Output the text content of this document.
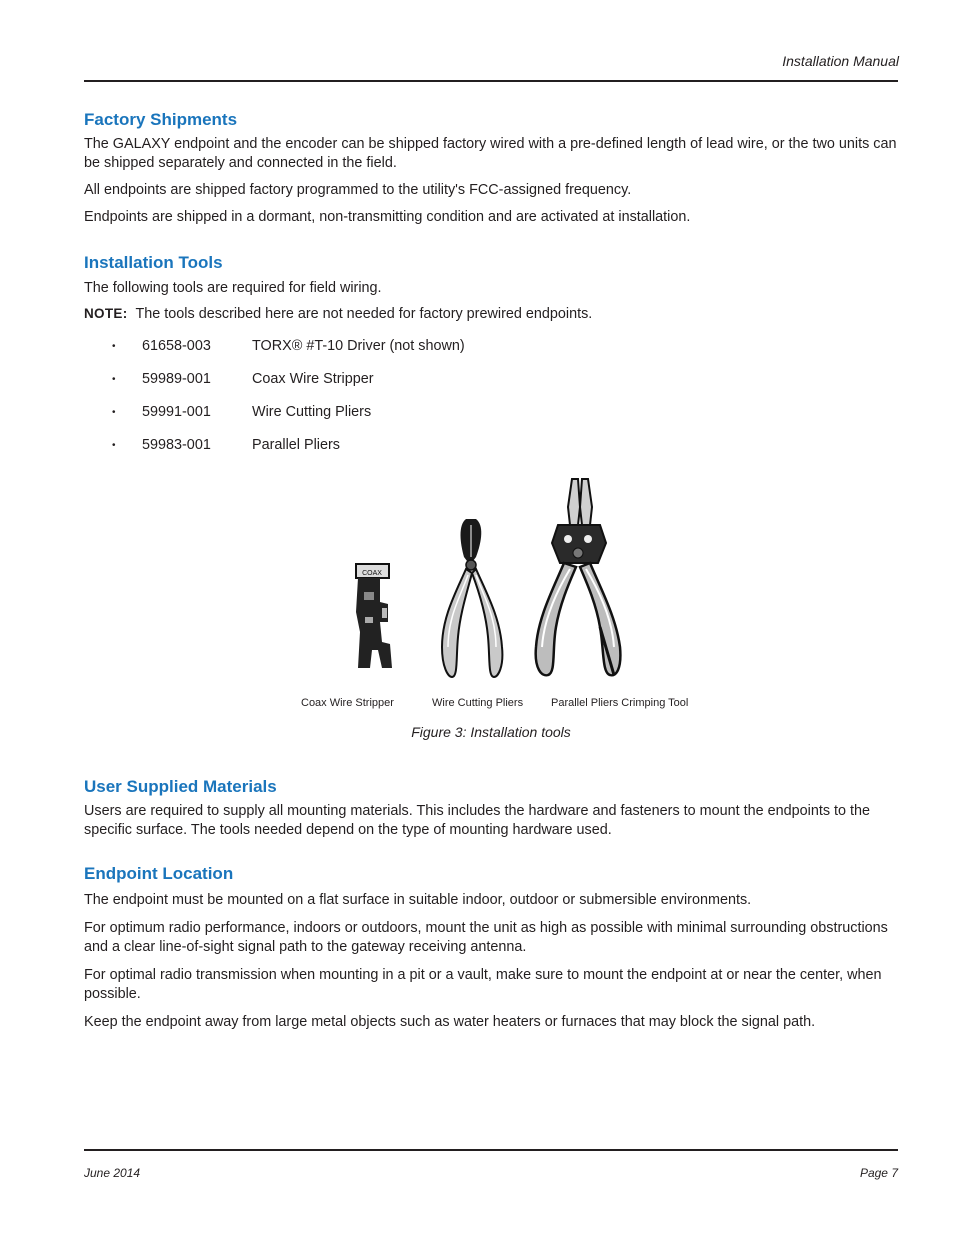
Installation Manual
Factory Shipments

The GALAXY endpoint and the encoder can be shipped factory wired with a pre-defined length of lead wire, or the two units can be shipped separately and connected in the field.

All endpoints are shipped factory programmed to the utility's FCC-assigned frequency.

Endpoints are shipped in a dormant, non-transmitting condition and are activated at installation.

Installation Tools

The following tools are required for field wiring.

NOTE: The tools described here are not needed for factory prewired endpoints.
•	61658-003	TORX® #T-10 Driver (not shown)
•	59989-001	Coax Wire Stripper
•	59991-001	Wire Cutting Pliers
•	59983-001	Parallel Pliers
COAX
Coax Wire Stripper	Wire Cutting Pliers	Parallel Pliers Crimping Tool
Figure 3: Installation tools
User Supplied Materials

Users are required to supply all mounting materials. This includes the hardware and fasteners to mount the endpoints to the specific surface. The tools needed depend on the type of mounting hardware used.

Endpoint Location

The endpoint must be mounted on a flat surface in suitable indoor, outdoor or submersible environments.

For optimum radio performance, indoors or outdoors, mount the unit as high as possible with minimal surrounding obstructions and a clear line-of-sight signal path to the gateway receiving antenna.

For optimal radio transmission when mounting in a pit or a vault, make sure to mount the endpoint at or near the center, when possible.

Keep the endpoint away from large metal objects such as water heaters or furnaces that may block the signal path.

June 2014	Page 7
